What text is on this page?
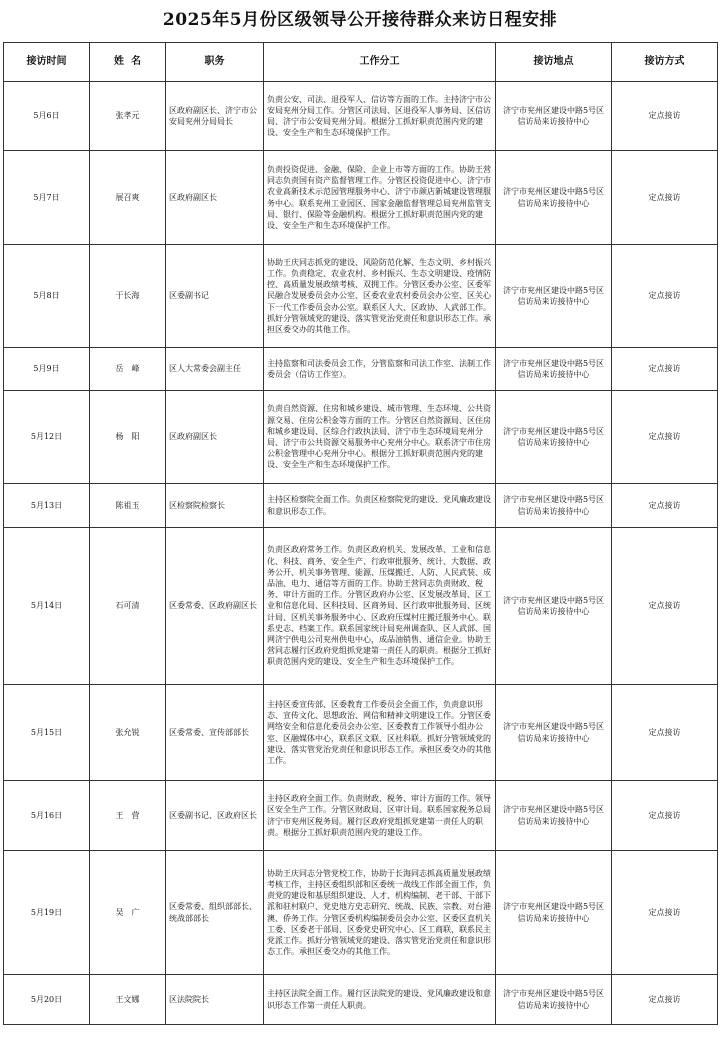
2025年5月份区级领导公开接待群众来访日程安排
接访时间	姓  名	职务	工作分工	接访地点	接访方式
5月6日	张孝元	区政府副区长、济宁市公安局兖州分局局长	负责公安、司法、退役军人、信访等方面的工作。主持济宁市公安局兖州分局工作。分管区司法局、区退役军人事务局、区信访局、济宁市公安局兖州分局。根据分工抓好职责范围内党的建设、安全生产和生态环境保护工作。	济宁市兖州区建设中路5号区信访局来访接待中心	定点接访
5月7日	展召爽	区政府副区长	负责投资促进、金融、保险、企业上市等方面的工作。协助王营同志负责国有资产监督管理工作。分管区投资促进中心、济宁市农业高新技术示范园管理服务中心、济宁市颜店新城建设管理服务中心。联系兖州工业园区、国家金融监督管理总局兖州监管支局、银行、保险等金融机构。根据分工抓好职责范围内党的建设、安全生产和生态环境保护工作。	济宁市兖州区建设中路5号区信访局来访接待中心	定点接访
5月8日	于长海	区委副书记	协助王庆同志抓党的建设、风险防范化解、生态文明、乡村振兴工作。负责稳定、农业农村、乡村振兴、生态文明建设、疫情防控、高质量发展政绩考核、双拥工作。分管区委办公室、区委军民融合发展委员会办公室、区委农业农村委员会办公室、区关心下一代工作委员会办公室。联系区人大、区政协、人武部工作。抓好分管领域党的建设、落实管党治党责任和意识形态工作。承担区委交办的其他工作。	济宁市兖州区建设中路5号区信访局来访接待中心	定点接访
5月9日	岳　峰	区人大常委会副主任	主持监察和司法委员会工作，分管监察和司法工作室、法制工作委员会（信访工作室）。	济宁市兖州区建设中路5号区信访局来访接待中心	定点接访
5月12日	杨　阳	区政府副区长	负责自然资源、住房和城乡建设、城市管理、生态环境、公共资源交易、住房公积金等方面的工作。分管区自然资源局、区住房和城乡建设局、区综合行政执法局、济宁市生态环境局兖州分局、济宁市公共资源交易服务中心兖州分中心。联系济宁市住房公积金管理中心兖州分中心。根据分工抓好职责范围内党的建设、安全生产和生态环境保护工作。	济宁市兖州区建设中路5号区信访局来访接待中心	定点接访
5月13日	陈祖玉	区检察院检察长	主持区检察院全面工作。负责区检察院党的建设、党风廉政建设和意识形态工作。	济宁市兖州区建设中路5号区信访局来访接待中心	定点接访
5月14日	石可清	区委常委、区政府副区长	负责区政府常务工作。负责区政府机关、发展改革、工业和信息化、科技、商务、安全生产、行政审批服务、统计、大数据、政务公开、机关事务管理、能源、压煤搬迁、人防、人民武装、成品油、电力、通信等方面的工作。协助王营同志负责财政、税务、审计方面的工作。分管区政府办公室、区发展改革局、区工业和信息化局、区科技局、区商务局、区行政审批服务局、区统计局、区机关事务服务中心、区政府压煤村庄搬迁服务中心。联系史志、档案工作。联系国家统计局兖州调查队、区人武部、国网济宁供电公司兖州供电中心，成品油销售、通信企业。协助王营同志履行区政府党组抓党建第一责任人的职责。根据分工抓好职责范围内党的建设、安全生产和生态环境保护工作。	济宁市兖州区建设中路5号区信访局来访接待中心	定点接访
5月15日	张允锐	区委常委、宣传部部长	主持区委宣传部、区委教育工作委员会全面工作，负责意识形态、宣传文化、思想政治、网信和精神文明建设工作。分管区委网络安全和信息化委员会办公室、区委教育工作领导小组办公室、区融媒体中心，联系区文联、区社科联。抓好分管领域党的建设、落实管党治党责任和意识形态工作。承担区委交办的其他工作。	济宁市兖州区建设中路5号区信访局来访接待中心	定点接访
5月16日	王　营	区委副书记、区政府区长	主持区政府全面工作。负责财政、税务、审计方面的工作。领导区安全生产工作。分管区财政局、区审计局。联系国家税务总局济宁市兖州区税务局。履行区政府党组抓党建第一责任人的职责。根据分工抓好职责范围内党的建设工作。	济宁市兖州区建设中路5号区信访局来访接待中心	定点接访
5月19日	吴　广	区委常委、组织部部长、统战部部长	协助王庆同志分管党校工作，协助于长海同志抓高质量发展政绩考核工作，主持区委组织部和区委统一战线工作部全面工作，负责党的建设和基层组织建设、人才、机构编制、老干部、干部下派和驻村联户、党史地方史志研究、统战、民族、宗教、对台港澳、侨务工作。分管区委机构编制委员会办公室、区委区直机关工委、区委老干部局、区委党史研究中心、区工商联，联系民主党派工作。抓好分管领域党的建设、落实管党治党责任和意识形态工作。承担区委交办的其他工作。	济宁市兖州区建设中路5号区信访局来访接待中心	定点接访
5月20日	王文娜	区法院院长	主持区法院全面工作。履行区法院党的建设、党风廉政建设和意识形态工作第一责任人职责。	济宁市兖州区建设中路5号区信访局来访接待中心	定点接访
